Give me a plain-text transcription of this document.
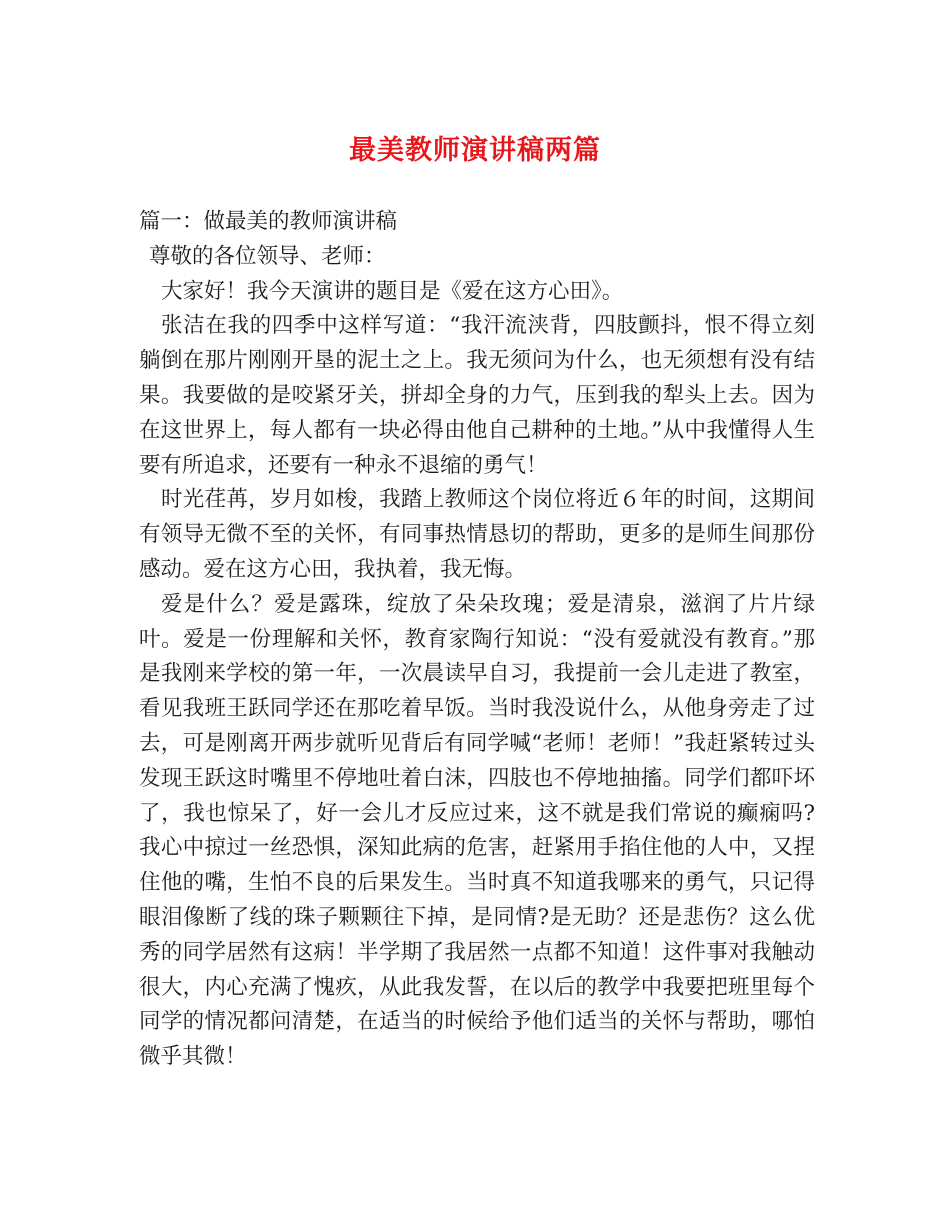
最美教师演讲稿两篇

篇一：做最美的教师演讲稿

尊敬的各位领导、老师：

大家好！我今天演讲的题目是《爱在这方心田》。

张洁在我的四季中这样写道：“我汗流浃背，四肢颤抖，恨不得立刻躺倒在那片刚刚开垦的泥土之上。我无须问为什么，也无须想有没有结果。我要做的是咬紧牙关，拼却全身的力气，压到我的犁头上去。因为在这世界上，每人都有一块必得由他自己耕种的土地。”从中我懂得人生要有所追求，还要有一种永不退缩的勇气！

时光荏苒，岁月如梭，我踏上教师这个岗位将近６年的时间，这期间有领导无微不至的关怀，有同事热情恳切的帮助，更多的是师生间那份感动。爱在这方心田，我执着，我无悔。

爱是什么？爱是露珠，绽放了朵朵玫瑰；爱是清泉，滋润了片片绿叶。爱是一份理解和关怀，教育家陶行知说：“没有爱就没有教育。”那是我刚来学校的第一年，一次晨读早自习，我提前一会儿走进了教室，看见我班王跃同学还在那吃着早饭。当时我没说什么，从他身旁走了过去，可是刚离开两步就听见背后有同学喊“老师！老师！”我赶紧转过头发现王跃这时嘴里不停地吐着白沫，四肢也不停地抽搐。同学们都吓坏了，我也惊呆了，好一会儿才反应过来，这不就是我们常说的癫痫吗?我心中掠过一丝恐惧，深知此病的危害，赶紧用手掐住他的人中，又捏住他的嘴，生怕不良的后果发生。当时真不知道我哪来的勇气，只记得眼泪像断了线的珠子颗颗往下掉，是同情?是无助？还是悲伤？这么优秀的同学居然有这病！半学期了我居然一点都不知道！这件事对我触动很大，内心充满了愧疚，从此我发誓，在以后的教学中我要把班里每个同学的情况都问清楚，在适当的时候给予他们适当的关怀与帮助，哪怕微乎其微！
